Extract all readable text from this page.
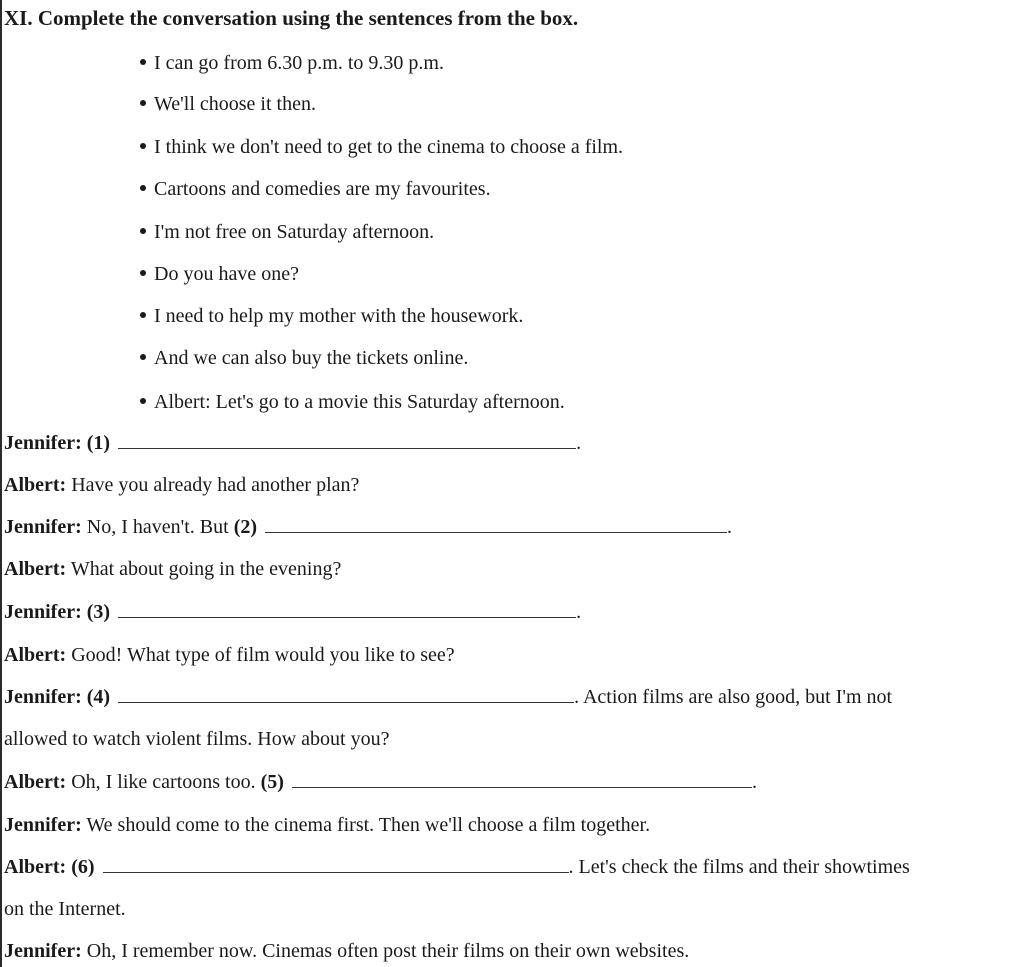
XI. Complete the conversation using the sentences from the box.
I can go from 6.30 p.m. to 9.30 p.m.
We'll choose it then.
I think we don't need to get to the cinema to choose a film.
Cartoons and comedies are my favourites.
I'm not free on Saturday afternoon.
Do you have one?
I need to help my mother with the housework.
And we can also buy the tickets online.
Albert: Let's go to a movie this Saturday afternoon.
Jennifer: (1)	.
Albert: Have you already had another plan?
Jennifer: No, I haven't. But (2)	.
Albert: What about going in the evening?
Jennifer: (3)	.
Albert: Good! What type of film would you like to see?
Jennifer: (4)	. Action films are also good, but I'm not
allowed to watch violent films. How about you?
Albert: Oh, I like cartoons too. (5)	.
Jennifer: We should come to the cinema first. Then we'll choose a film together.
Albert: (6)	. Let's check the films and their showtimes
on the Internet.
Jennifer: Oh, I remember now. Cinemas often post their films on their own websites.
